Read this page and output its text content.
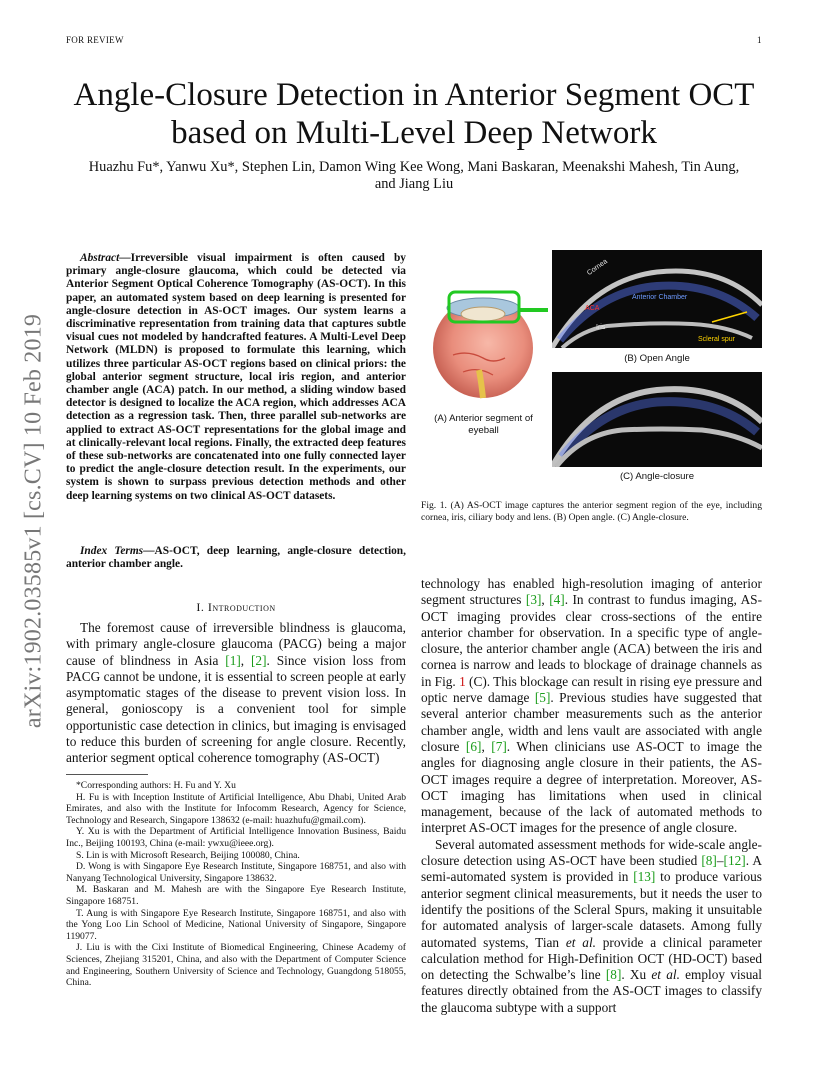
FOR REVIEW	1
arXiv:1902.03585v1 [cs.CV] 10 Feb 2019
Angle-Closure Detection in Anterior Segment OCT
based on Multi-Level Deep Network
Huazhu Fu*, Yanwu Xu*, Stephen Lin, Damon Wing Kee Wong, Mani Baskaran, Meenakshi Mahesh, Tin Aung,
and Jiang Liu
Abstract—Irreversible visual impairment is often caused by primary angle-closure glaucoma, which could be detected via Anterior Segment Optical Coherence Tomography (AS-OCT). In this paper, an automated system based on deep learning is presented for angle-closure detection in AS-OCT images. Our system learns a discriminative representation from training data that captures subtle visual cues not modeled by handcrafted features. A Multi-Level Deep Network (MLDN) is proposed to formulate this learning, which utilizes three particular AS-OCT regions based on clinical priors: the global anterior segment structure, local iris region, and anterior chamber angle (ACA) patch. In our method, a sliding window based detector is designed to localize the ACA region, which addresses ACA detection as a regression task. Then, three parallel sub-networks are applied to extract AS-OCT representations for the global image and at clinically-relevant local regions. Finally, the extracted deep features of these sub-networks are concatenated into one fully connected layer to predict the angle-closure detection result. In the experiments, our system is shown to surpass previous detection methods and other deep learning systems on two clinical AS-OCT datasets.
Index Terms—AS-OCT, deep learning, angle-closure detection, anterior chamber angle.
I. Introduction

The foremost cause of irreversible blindness is glaucoma, with primary angle-closure glaucoma (PACG) being a major cause of blindness in Asia [1], [2]. Since vision loss from PACG cannot be undone, it is essential to screen people at early asymptomatic stages of the disease to prevent vision loss. In general, gonioscopy is a convenient tool for simple opportunistic case detection in clinics, but imaging is envisaged to reduce this burden of screening for angle closure. Recently, anterior segment optical coherence tomography (AS-OCT)

*Corresponding authors: H. Fu and Y. Xu

H. Fu is with Inception Institute of Artificial Intelligence, Abu Dhabi, United Arab Emirates, and also with the Institute for Infocomm Research, Agency for Science, Technology and Research, Singapore 138632 (e-mail: huazhufu@gmail.com).

Y. Xu is with the Department of Artificial Intelligence Innovation Business, Baidu Inc., Beijing 100193, China (e-mail: ywxu@ieee.org).

S. Lin is with Microsoft Research, Beijing 100080, China.

D. Wong is with Singapore Eye Research Institute, Singapore 168751, and also with Nanyang Technological University, Singapore 138632.

M. Baskaran and M. Mahesh are with the Singapore Eye Research Institute, Singapore 168751.

T. Aung is with Singapore Eye Research Institute, Singapore 168751, and also with the Yong Loo Lin School of Medicine, National University of Singapore, Singapore 119077.

J. Liu is with the Cixi Institute of Biomedical Engineering, Chinese Academy of Sciences, Zhejiang 315201, China, and also with the Department of Computer Science and Engineering, Southern University of Science and Technology, Guangdong 518055, China.

(A) Anterior segment of eyeball
Cornea
ACA
Iris
Anterior Chamber
Scleral spur
(B) Open Angle
(C) Angle-closure
Fig. 1. (A) AS-OCT image captures the anterior segment region of the eye, including cornea, iris, ciliary body and lens. (B) Open angle. (C) Angle-closure.

technology has enabled high-resolution imaging of anterior segment structures [3], [4]. In contrast to fundus imaging, AS-OCT imaging provides clear cross-sections of the entire anterior chamber for observation. In a specific type of angle-closure, the anterior chamber angle (ACA) between the iris and cornea is narrow and leads to blockage of drainage channels as in Fig. 1 (C). This blockage can result in rising eye pressure and optic nerve damage [5]. Previous studies have suggested that several anterior chamber measurements such as the anterior chamber angle, width and lens vault are associated with angle closure [6], [7]. When clinicians use AS-OCT to image the angles for diagnosing angle closure in their patients, the AS-OCT images require a degree of interpretation. Moreover, AS-OCT imaging has limitations when used in clinical management, because of the lack of automated methods to interpret AS-OCT images for the presence of angle closure.

Several automated assessment methods for wide-scale angle-closure detection using AS-OCT have been studied [8]–[12]. A semi-automated system is provided in [13] to produce various anterior segment clinical measurements, but it needs the user to identify the positions of the Scleral Spurs, making it unsuitable for automated analysis of larger-scale datasets. Among fully automated systems, Tian et al. provide a clinical parameter calculation method for High-Definition OCT (HD-OCT) based on detecting the Schwalbe’s line [8]. Xu et al. employ visual features directly obtained from the AS-OCT images to classify the glaucoma subtype with a support
